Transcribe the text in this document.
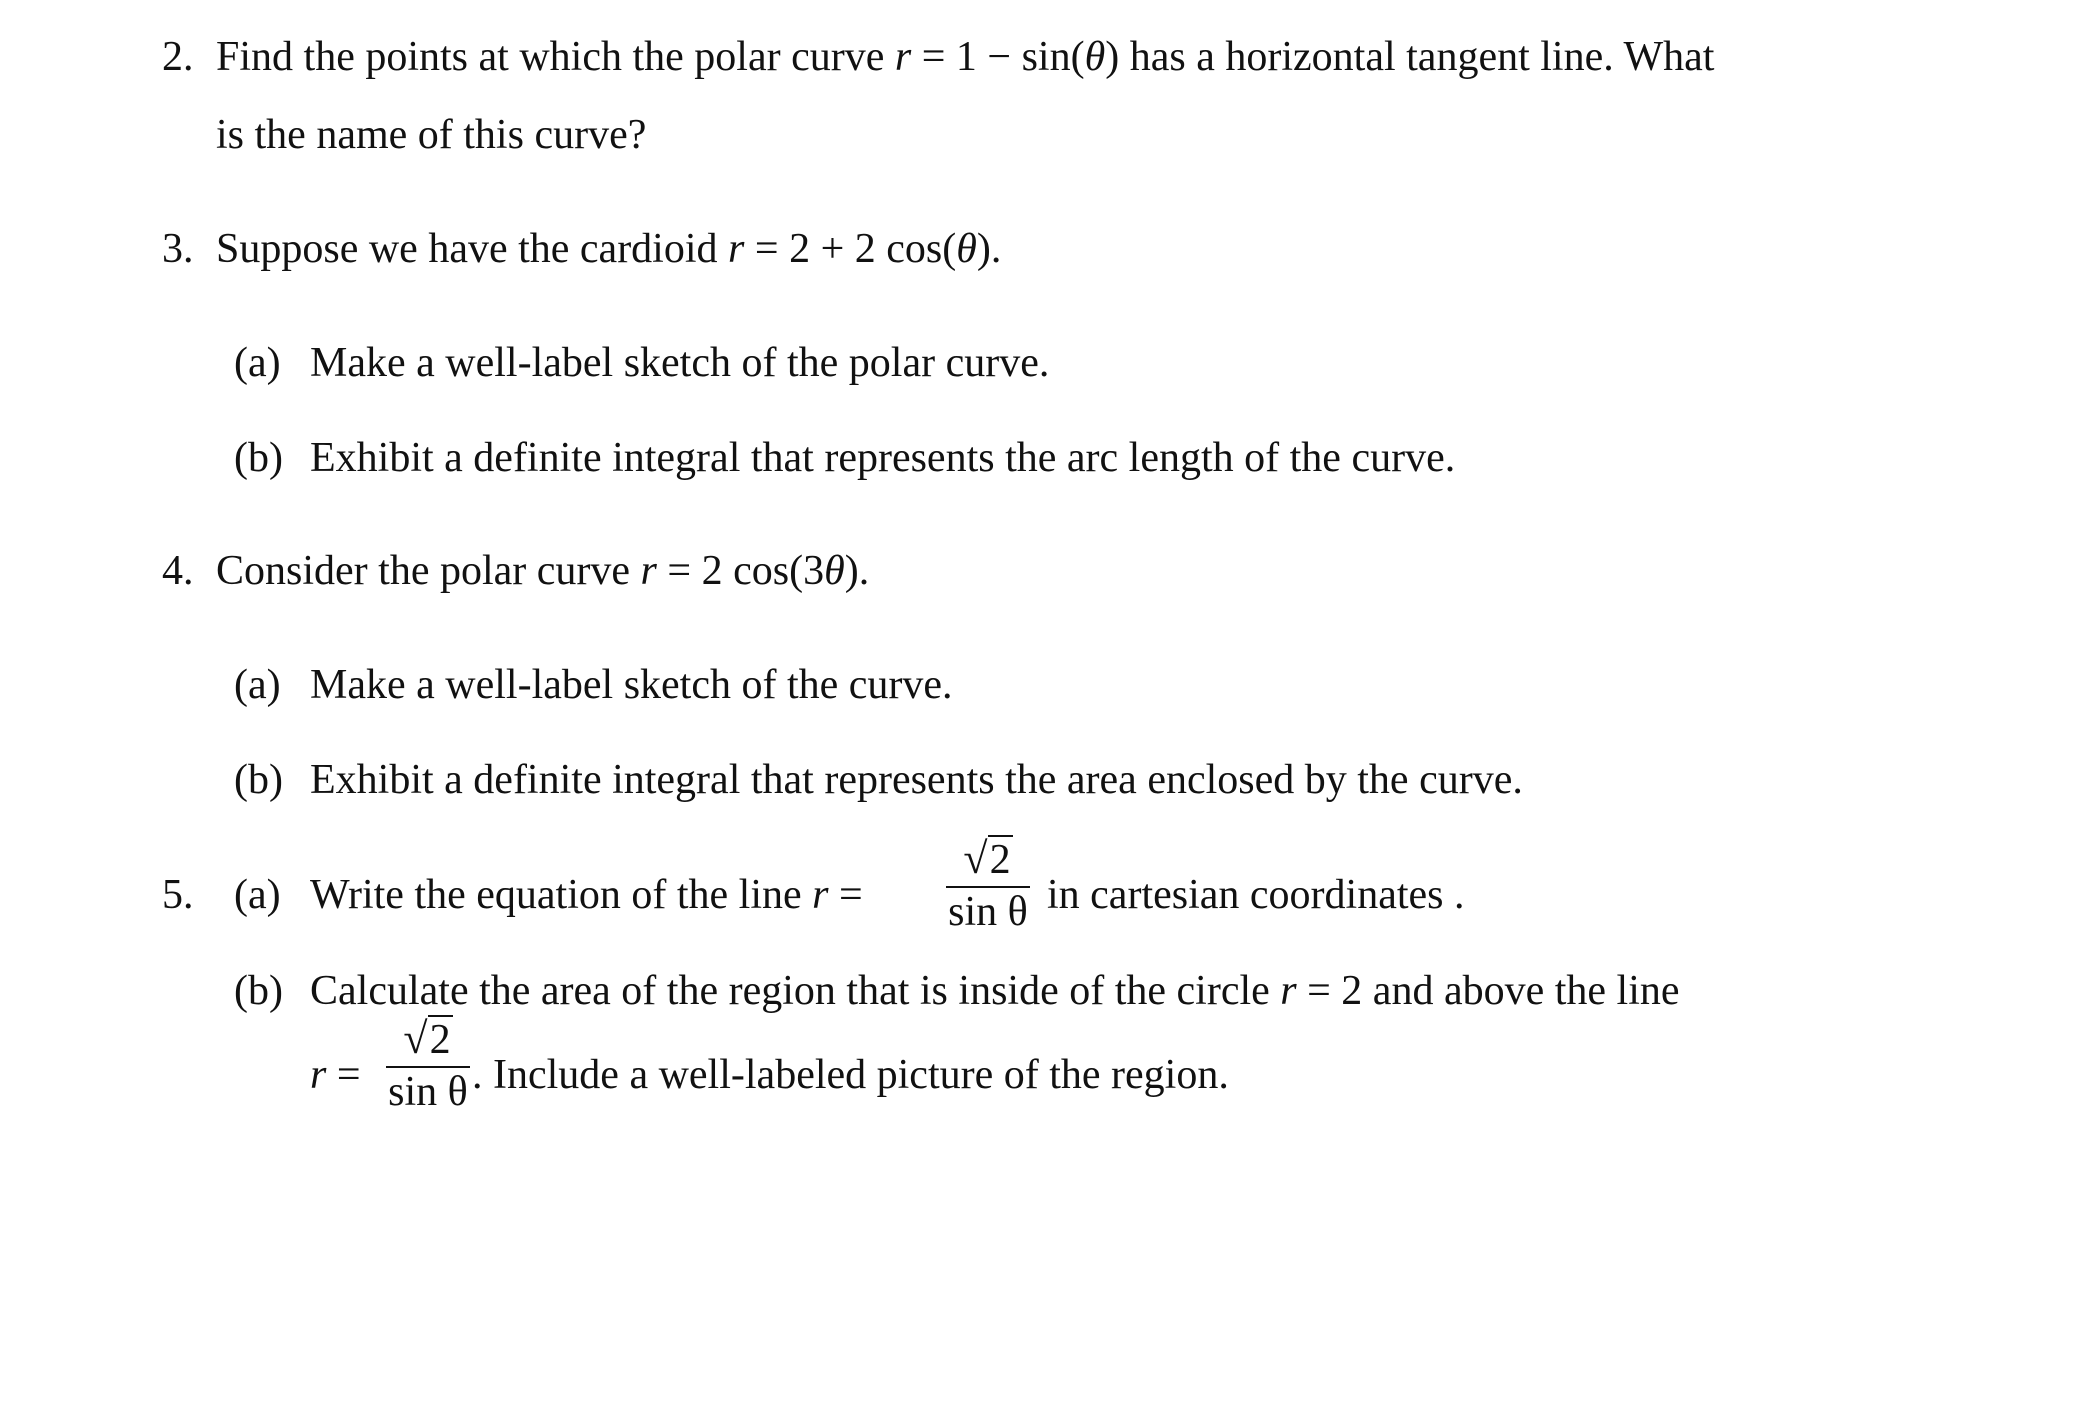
2. Find the points at which the polar curve r = 1 − sin(θ) has a horizontal tangent line. What
is the name of this curve?
3. Suppose we have the cardioid r = 2 + 2 cos(θ).
(a) Make a well-label sketch of the polar curve.
(b) Exhibit a definite integral that represents the arc length of the curve.
4. Consider the polar curve r = 2 cos(3θ).
(a) Make a well-label sketch of the curve.
(b) Exhibit a definite integral that represents the area enclosed by the curve.
5. (a) Write the equation of the line r =
√2
sin θ in cartesian coordinates .
(b) Calculate the area of the region that is inside of the circle r = 2 and above the line
r =
√2
sin θ . Include a well-labeled picture of the region.
